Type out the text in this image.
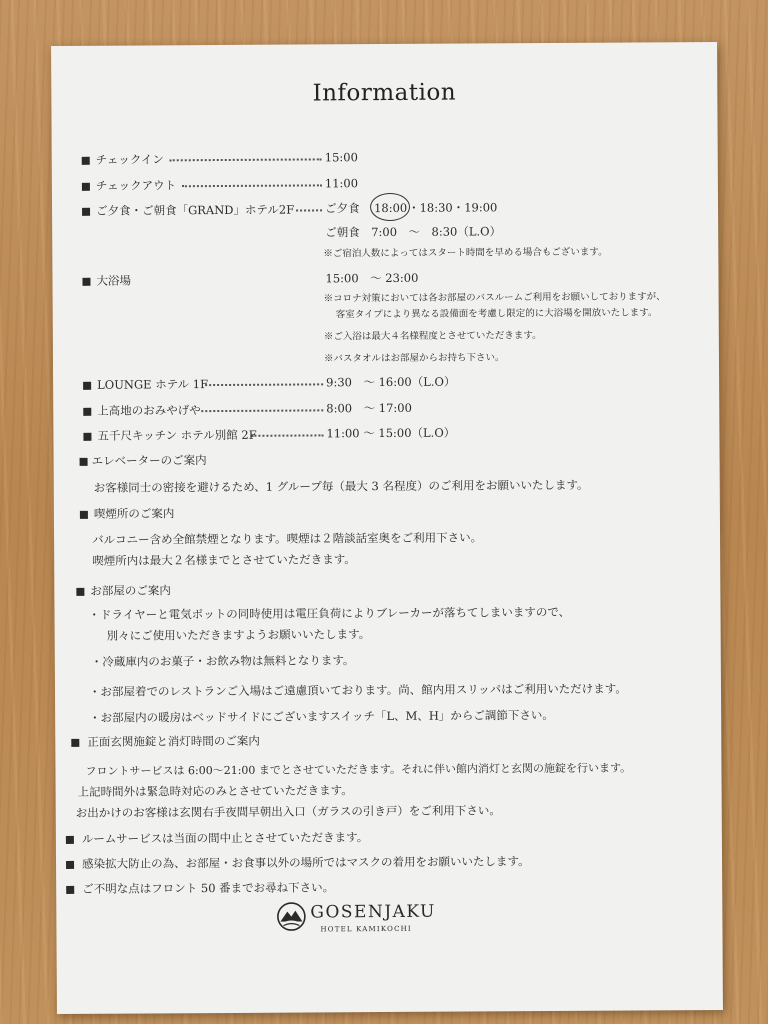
Information
チェックイン	15:00
チェックアウト	11:00
ご夕食・ご朝食「GRAND」ホテル2F	ご夕食 18:00 ・18:30・19:00
ご朝食　7:00　～　8:30（L.O）
※ご宿泊人数によってはスタート時間を早める場合もございます。
大浴場	15:00　～ 23:00
※コロナ対策においては各お部屋のバスルームご利用をお願いしておりますが、
客室タイプにより異なる設備面を考慮し限定的に大浴場を開放いたします。
※ご入浴は最大４名様程度とさせていただきます。
※バスタオルはお部屋からお持ち下さい。
LOUNGE ホテル 1F	9:30　～ 16:00（L.O）
上高地のおみやげや	8:00　～ 17:00
五千尺キッチン ホテル別館 2F	11:00 ～ 15:00（L.O）
エレベーターのご案内
お客様同士の密接を避けるため、1 グループ毎（最大 3 名程度）のご利用をお願いいたします。
喫煙所のご案内
バルコニー含め全館禁煙となります。喫煙は２階談話室奥をご利用下さい。
喫煙所内は最大２名様までとさせていただきます。
お部屋のご案内
・ドライヤーと電気ポットの同時使用は電圧負荷によりブレーカーが落ちてしまいますので、
別々にご使用いただきますようお願いいたします。
・冷蔵庫内のお菓子・お飲み物は無料となります。
・お部屋着でのレストランご入場はご遠慮頂いております。尚、館内用スリッパはご利用いただけます。
・お部屋内の暖房はベッドサイドにございますスイッチ「L、M、H」からご調節下さい。
正面玄関施錠と消灯時間のご案内
フロントサービスは 6:00～21:00 までとさせていただきます。それに伴い館内消灯と玄関の施錠を行います。
上記時間外は緊急時対応のみとさせていただきます。
お出かけのお客様は玄関右手夜間早朝出入口（ガラスの引き戸）をご利用下さい。
ルームサービスは当面の間中止とさせていただきます。
感染拡大防止の為、お部屋・お食事以外の場所ではマスクの着用をお願いいたします。
ご不明な点はフロント 50 番までお尋ね下さい。
GOSENJAKU
HOTEL KAMIKOCHI
